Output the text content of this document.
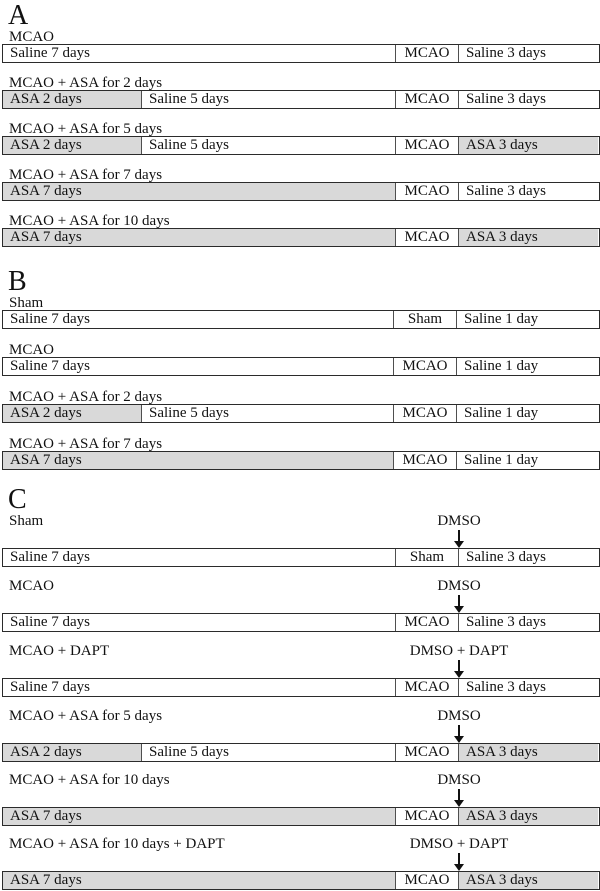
A
MCAO
Saline 7 days	MCAO	Saline 3 days
MCAO + ASA for 2 days
ASA 2 days	Saline 5 days	MCAO	Saline 3 days
MCAO + ASA for 5 days
ASA 2 days	Saline 5 days	MCAO	ASA 3 days
MCAO + ASA for 7 days
ASA 7 days	MCAO	Saline 3 days
MCAO + ASA for 10 days
ASA 7 days	MCAO	ASA 3 days
B
Sham
Saline 7 days	Sham	Saline 1 day
MCAO
Saline 7 days	MCAO	Saline 1 day
MCAO + ASA for 2 days
ASA 2 days	Saline 5 days	MCAO	Saline 1 day
MCAO + ASA for 7 days
ASA 7 days	MCAO	Saline 1 day
C
Sham	DMSO
Saline 7 days	Sham	Saline 3 days
MCAO	DMSO
Saline 7 days	MCAO	Saline 3 days
MCAO + DAPT	DMSO + DAPT
Saline 7 days	MCAO	Saline 3 days
MCAO + ASA for 5 days	DMSO
ASA 2 days	Saline 5 days	MCAO	ASA 3 days
MCAO + ASA for 10 days	DMSO
ASA 7 days	MCAO	ASA 3 days
MCAO + ASA for 10 days + DAPT	DMSO + DAPT
ASA 7 days	MCAO	ASA 3 days
